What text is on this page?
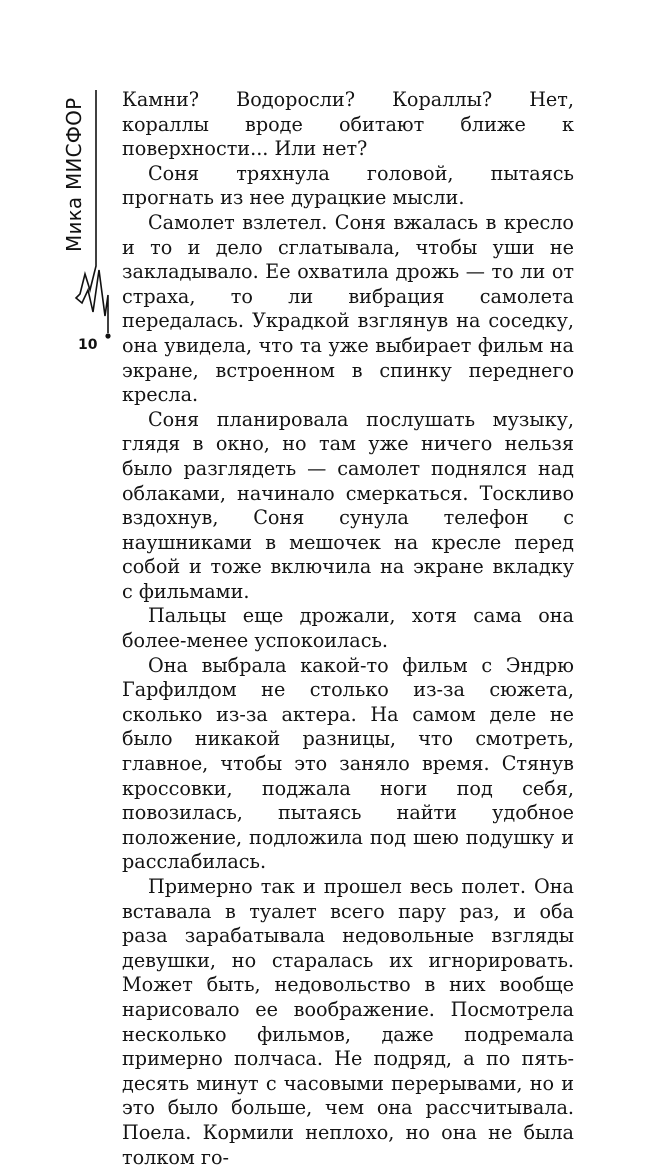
Мика МИСФОР
10

Камни? Водоросли? Кораллы? Нет, кораллы вроде обитают ближе к поверхности... Или нет?

Соня тряхнула головой, пытаясь прогнать из нее дурацкие мысли.

Самолет взлетел. Соня вжалась в кресло и то и дело сглатывала, чтобы уши не закладывало. Ее охватила дрожь — то ли от страха, то ли вибрация самолета передалась. Украдкой взглянув на соседку, она увидела, что та уже выбирает фильм на экране, встроенном в спинку переднего кресла.

Соня планировала послушать музыку, глядя в окно, но там уже ничего нельзя было разглядеть — самолет поднялся над облаками, начинало смеркаться. Тоскливо вздохнув, Соня сунула телефон с наушниками в мешочек на кресле перед собой и тоже включила на экране вкладку с фильмами.

Пальцы еще дрожали, хотя сама она более-менее успокоилась.

Она выбрала какой-то фильм с Эндрю Гарфилдом не столько из-за сюжета, сколько из-за актера. На самом деле не было никакой разницы, что смотреть, главное, чтобы это заняло время. Стянув кроссовки, поджала ноги под себя, повозилась, пытаясь найти удобное положение, подложила под шею подушку и расслабилась.

Примерно так и прошел весь полет. Она вставала в туалет всего пару раз, и оба раза зарабатывала недовольные взгляды девушки, но старалась их игнорировать. Может быть, недовольство в них вообще нарисовало ее воображение. Посмотрела несколько фильмов, даже подремала примерно полчаса. Не подряд, а по пять-десять минут с часовыми перерывами, но и это было больше, чем она рассчитывала. Поела. Кормили неплохо, но она не была толком го-
